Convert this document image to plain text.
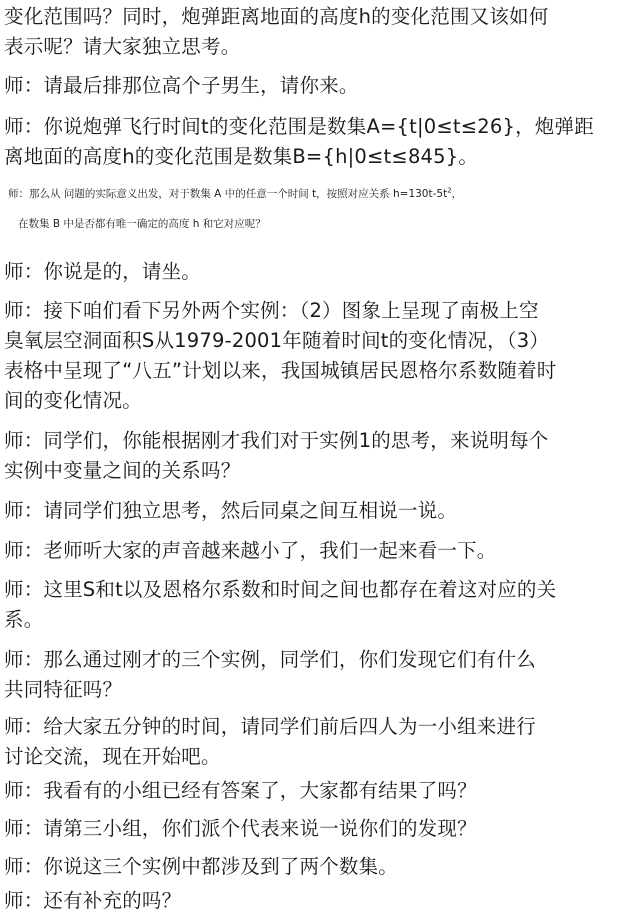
变化范围吗？同时，炮弹距离地面的高度h的变化范围又该如何
表示呢？请大家独立思考。
师：请最后排那位高个子男生，请你来。
师：你说炮弹飞行时间t的变化范围是数集A={t|0≤t≤26}，炮弹距
离地面的高度h的变化范围是数集B={h|0≤t≤845}。
师：那么从 问题的实际意义出发，对于数集 A 中的任意一个时间 t，按照对应关系 $h=130t-5t^2$，
在数集 B 中是否都有唯一确定的高度 h 和它对应呢？
师：你说是的，请坐。
师：接下咱们看下另外两个实例：（2）图象上呈现了南极上空
臭氧层空洞面积S从1979-2001年随着时间t的变化情况，（3）
表格中呈现了“八五”计划以来，我国城镇居民恩格尔系数随着时
间的变化情况。
师：同学们，你能根据刚才我们对于实例1的思考，来说明每个
实例中变量之间的关系吗？
师：请同学们独立思考，然后同桌之间互相说一说。
师：老师听大家的声音越来越小了，我们一起来看一下。
师：这里S和t以及恩格尔系数和时间之间也都存在着这对应的关
系。
师：那么通过刚才的三个实例，同学们，你们发现它们有什么
共同特征吗？
师：给大家五分钟的时间，请同学们前后四人为一小组来进行
讨论交流，现在开始吧。
师：我看有的小组已经有答案了，大家都有结果了吗？
师：请第三小组，你们派个代表来说一说你们的发现？
师：你说这三个实例中都涉及到了两个数集。
师：还有补充的吗？
